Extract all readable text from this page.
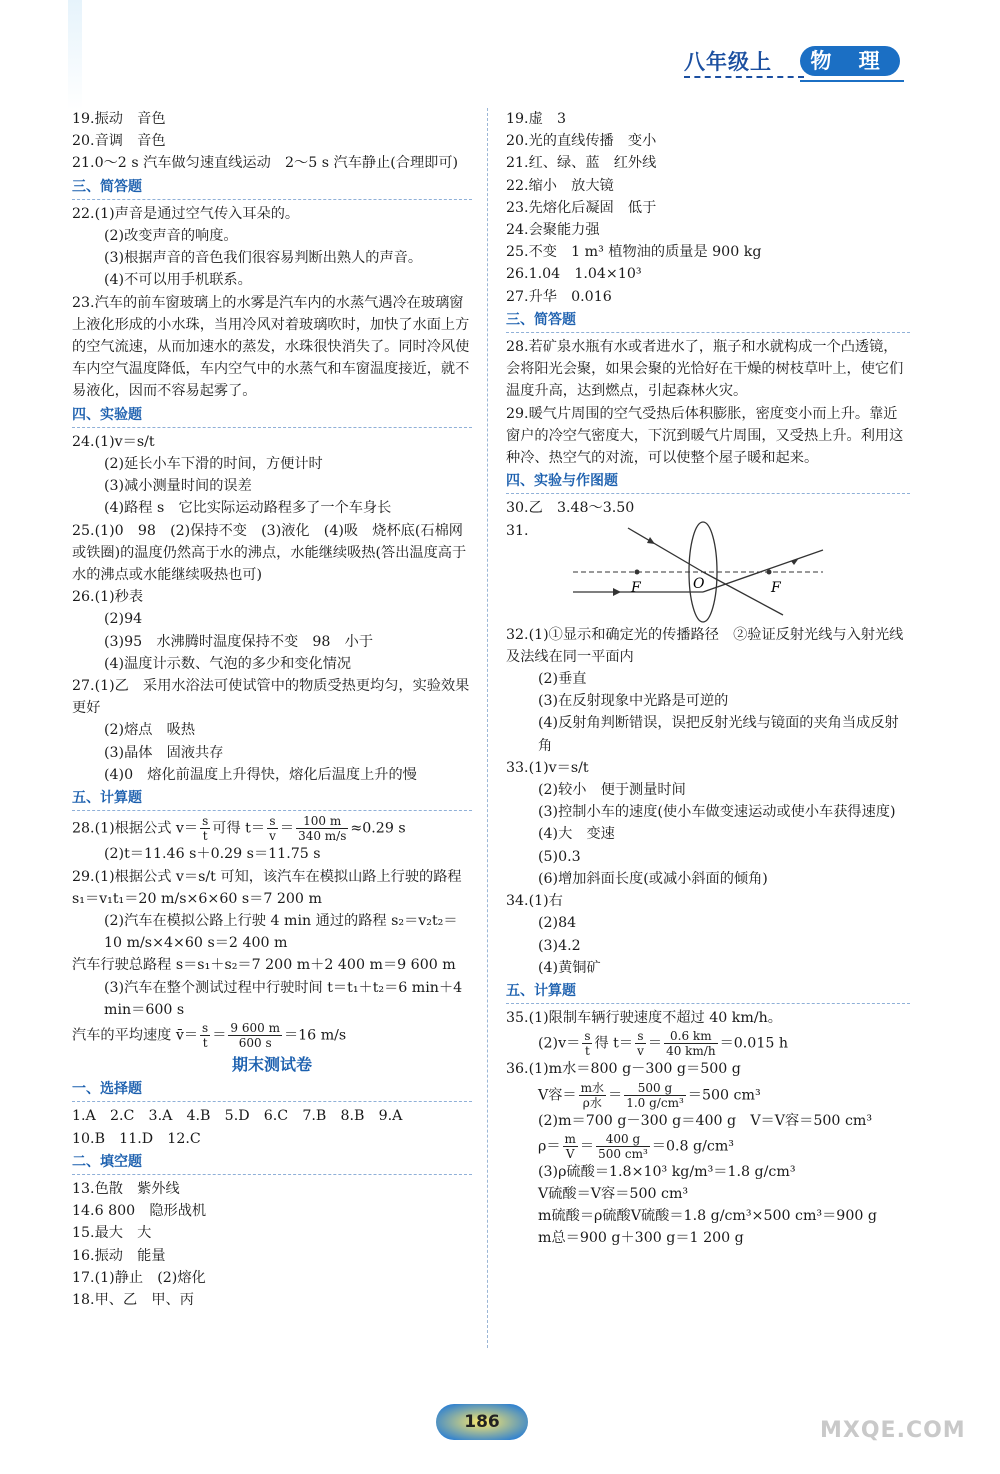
八年级上	物 理

19.振动　音色

20.音调　音色

21.0～2 s 汽车做匀速直线运动　2～5 s 汽车静止(合理即可)

三、简答题

22.(1)声音是通过空气传入耳朵的。

(2)改变声音的响度。

(3)根据声音的音色我们很容易判断出熟人的声音。

(4)不可以用手机联系。

23.汽车的前车窗玻璃上的水雾是汽车内的水蒸气遇冷在玻璃窗上液化形成的小水珠，当用冷风对着玻璃吹时，加快了水面上方的空气流速，从而加速水的蒸发，水珠很快消失了。同时冷风使车内空气温度降低，车内空气中的水蒸气和车窗温度接近，就不易液化，因而不容易起雾了。

四、实验题

24.(1)v＝s/t

(2)延长小车下滑的时间，方便计时

(3)减小测量时间的误差

(4)路程 s　它比实际运动路程多了一个车身长

25.(1)0　98　(2)保持不变　(3)液化　(4)吸　烧杯底(石棉网或铁圈)的温度仍然高于水的沸点，水能继续吸热(答出温度高于水的沸点或水能继续吸热也可)

26.(1)秒表

(2)94

(3)95　水沸腾时温度保持不变　98　小于

(4)温度计示数、气泡的多少和变化情况

27.(1)乙　采用水浴法可使试管中的物质受热更均匀，实验效果更好

(2)熔点　吸热

(3)晶体　固液共存

(4)0　熔化前温度上升得快，熔化后温度上升的慢

五、计算题

28.(1)根据公式 $v= \frac{s}{t}$ 可得 $t= \frac{s}{v} = \frac{100 m}{340 m/s} \approx 0.29$ s

(2)t＝11.46 s＋0.29 s＝11.75 s

29.(1)根据公式 v＝s/t 可知，该汽车在模拟山路上行驶的路程 s₁＝v₁t₁＝20 m/s×6×60 s＝7 200 m

(2)汽车在模拟公路上行驶 4 min 通过的路程 s₂＝v₂t₂＝10 m/s×4×60 s＝2 400 m

汽车行驶总路程 s＝s₁＋s₂＝7 200 m＋2 400 m＝9 600 m

(3)汽车在整个测试过程中行驶时间 t＝t₁＋t₂＝6 min＋4 min＝600 s

汽车的平均速度 v̄＝ $\frac{s}{t} = \frac{9 600 m}{600 s} =16$ m/s

期末测试卷
一、选择题

1.A　2.C　3.A　4.B　5.D　6.C　7.B　8.B　9.A

10.B　11.D　12.C

二、填空题

13.色散　紫外线

14.6 800　隐形战机

15.最大　大

16.振动　能量

17.(1)静止　(2)熔化

18.甲、乙　甲、丙

19.虚　3

20.光的直线传播　变小

21.红、绿、蓝　红外线

22.缩小　放大镜

23.先熔化后凝固　低于

24.会聚能力强

25.不变　1 m³ 植物油的质量是 900 kg

26.1.04　1.04×10³

27.升华　0.016

三、简答题

28.若矿泉水瓶有水或者进水了，瓶子和水就构成一个凸透镜，会将阳光会聚，如果会聚的光恰好在干燥的树枝草叶上，使它们温度升高，达到燃点，引起森林火灾。

29.暖气片周围的空气受热后体积膨胀，密度变小而上升。靠近窗户的冷空气密度大，下沉到暖气片周围，又受热上升。利用这种冷、热空气的对流，可以使整个屋子暖和起来。

四、实验与作图题

30.乙　3.48～3.50

31.
F	O	F

32.(1)①显示和确定光的传播路径　②验证反射光线与入射光线及法线在同一平面内

(2)垂直

(3)在反射现象中光路是可逆的

(4)反射角判断错误，误把反射光线与镜面的夹角当成反射角

33.(1)v＝s/t

(2)较小　便于测量时间

(3)控制小车的速度(使小车做变速运动或使小车获得速度)

(4)大　变速

(5)0.3

(6)增加斜面长度(或减小斜面的倾角)

34.(1)右

(2)84

(3)4.2

(4)黄铜矿

五、计算题

35.(1)限制车辆行驶速度不超过 40 km/h。

$(2)v= \frac{s}{t}$ 得 $t= \frac{s}{v} = \frac{0.6 km}{40 km/h} =0.015$ h

36.(1)m水＝800 g－300 g＝500 g

V容＝ $\frac{\text{m水}}{\text{ρ水}} = \frac{500 g}{\text{1.0 g/cm³}} =500$ cm³

(2)m＝700 g－300 g＝400 g　V＝V容＝500 cm³

$\rho= \frac{m}{V} = \frac{400 g}{\text{500 cm³}} =0.8$ g/cm³

(3)ρ硫酸＝1.8×10³ kg/m³＝1.8 g/cm³

V硫酸＝V容＝500 cm³

m硫酸＝ρ硫酸V硫酸＝1.8 g/cm³×500 cm³＝900 g

m总＝900 g＋300 g＝1 200 g

186	MXQE.COM
